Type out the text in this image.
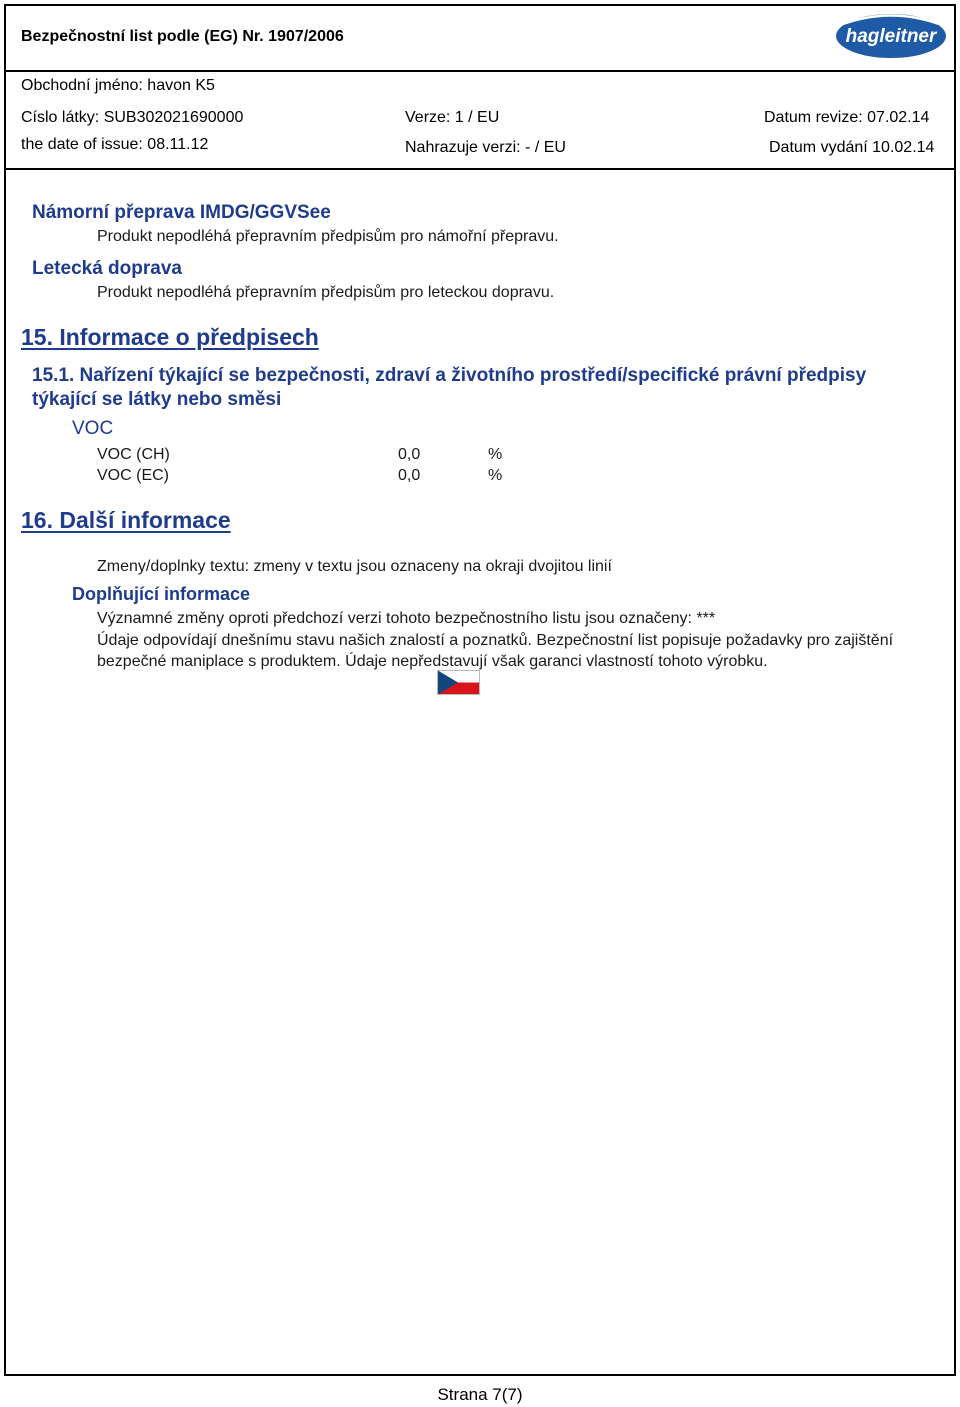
Bezpečnostní list podle (EG) Nr. 1907/2006	hagleitner
Obchodní jméno: havon K5
Císlo látky: SUB302021690000	Verze: 1 / EU	Datum revize: 07.02.14
the date of issue: 08.11.12	Nahrazuje verzi: - / EU	Datum vydání 10.02.14
Námorní přeprava IMDG/GGVSee
Produkt nepodléhá přepravním předpisům pro námořní přepravu.
Letecká doprava
Produkt nepodléhá přepravním předpisům pro leteckou dopravu.
15. Informace o předpisech
15.1. Nařízení týkající se bezpečnosti, zdraví a životního prostředí/specifické právní předpisy týkající se látky nebo směsi
VOC
VOC (CH)	0,0	%
VOC (EC)	0,0	%
16. Další informace
Zmeny/doplnky textu: zmeny v textu jsou oznaceny na okraji dvojitou linií
Doplňující informace
Významné změny oproti předchozí verzi tohoto bezpečnostního listu jsou označeny: ***
Údaje odpovídají dnešnímu stavu našich znalostí a poznatků. Bezpečnostní list popisuje požadavky pro zajištění bezpečné maniplace s produktem. Údaje nepředstavují však garanci vlastností tohoto výrobku.
Strana 7(7)
